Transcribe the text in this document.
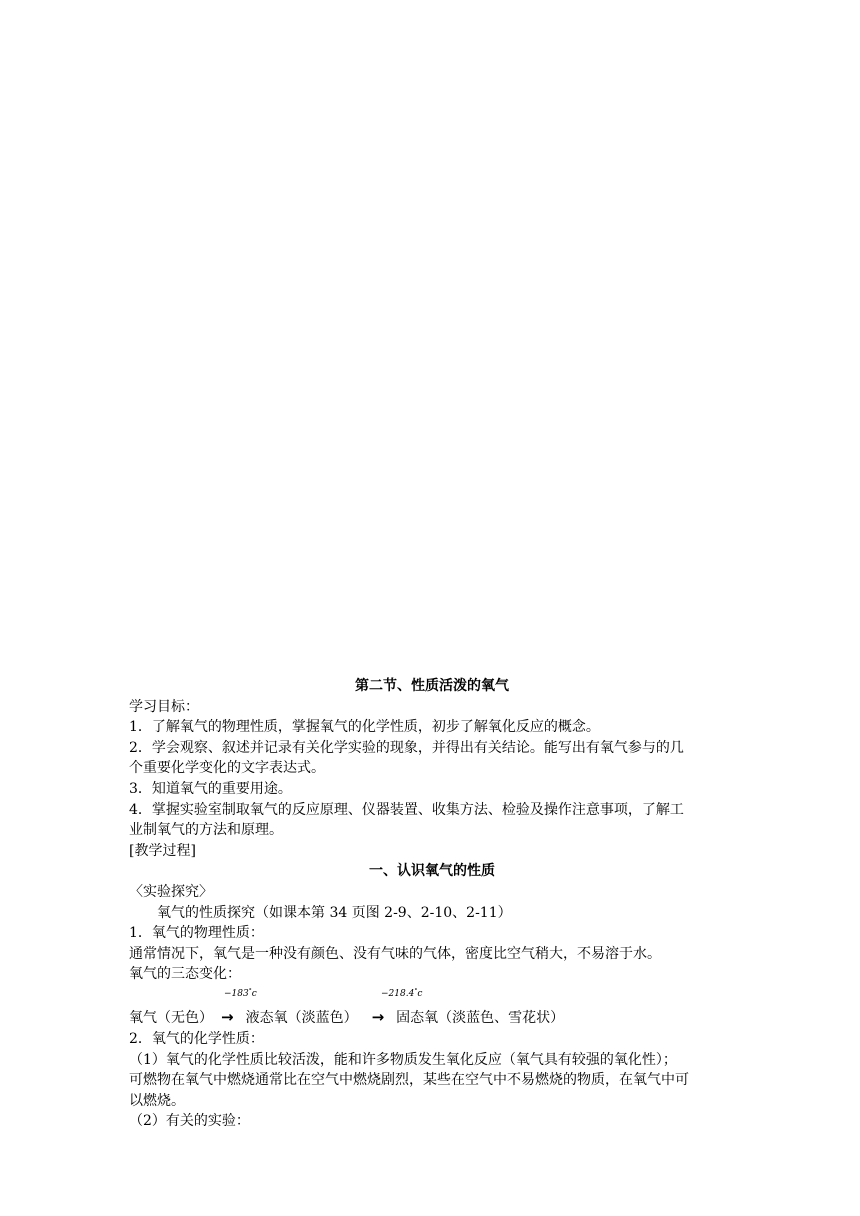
第二节、性质活泼的氧气

学习目标：

1．了解氧气的物理性质，掌握氧气的化学性质，初步了解氧化反应的概念。

2．学会观察、叙述并记录有关化学实验的现象，并得出有关结论。能写出有氧气参与的几

个重要化学变化的文字表达式。

3．知道氧气的重要用途。

4．掌握实验室制取氧气的反应原理、仪器装置、收集方法、检验及操作注意事项，了解工

业制氧气的方法和原理。

[教学过程]

一、认识氧气的性质

〈实验探究〉

氧气的性质探究（如课本第 34 页图 2-9、2-10、2-11）

1．氧气的物理性质：

通常情况下，氧气是一种没有颜色、没有气味的气体，密度比空气稍大，不易溶于水。

氧气的三态变化：

−183°c	−218.4°c
氧气（无色） → 液态氧（淡蓝色） → 固态氧（淡蓝色、雪花状）

2．氧气的化学性质：

（1）氧气的化学性质比较活泼，能和许多物质发生氧化反应（氧气具有较强的氧化性）；

可燃物在氧气中燃烧通常比在空气中燃烧剧烈，某些在空气中不易燃烧的物质，在氧气中可

以燃烧。

（2）有关的实验：
